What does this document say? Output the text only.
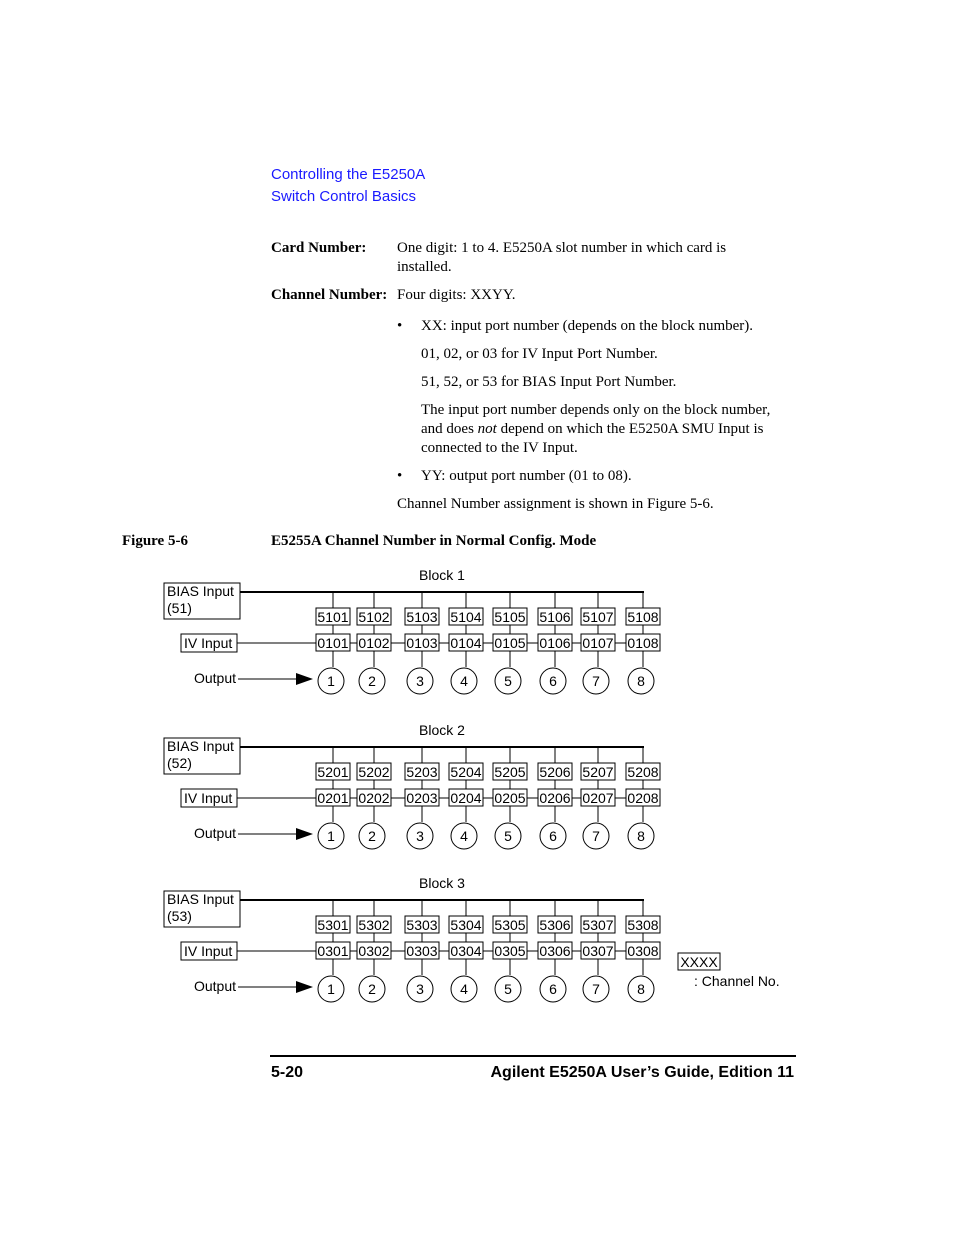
Controlling the E5250A
Switch Control Basics
Card Number: One digit: 1 to 4. E5250A slot number in which card is
installed.
Channel Number: Four digits: XXYY.
• XX: input port number (depends on the block number).
01, 02, or 03 for IV Input Port Number.
51, 52, or 53 for BIAS Input Port Number.
The input port number depends only on the block number,
and does not depend on which the E5250A SMU Input is
connected to the IV Input.
• YY: output port number (01 to 08).
Channel Number assignment is shown in Figure 5-6.
Figure 5-6	E5255A Channel Number in Normal Config. Mode
Block 1
BIAS Input
(51)
IV Input
Output
5101
0101
1
5102
0102
2
5103
0103
3
5104
0104
4
5105
0105
5
5106
0106
6
5107
0107
7
5108
0108
8
Block 2
BIAS Input
(52)
IV Input
Output
5201
0201
1
5202
0202
2
5203
0203
3
5204
0204
4
5205
0205
5
5206
0206
6
5207
0207
7
5208
0208
8
Block 3
BIAS Input
(53)
IV Input
Output
5301
0301
1
5302
0302
2
5303
0303
3
5304
0304
4
5305
0305
5
5306
0306
6
5307
0307
7
5308
0308
8
XXXX
: Channel No.
5-20	Agilent E5250A User’s Guide, Edition 11
